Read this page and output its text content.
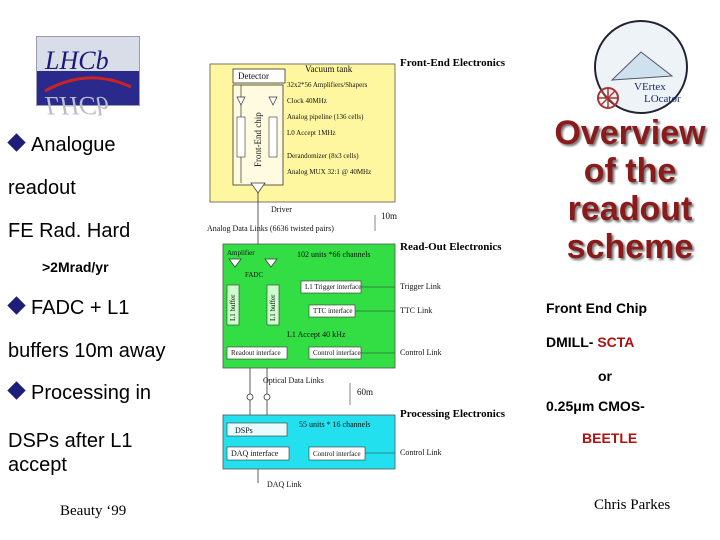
LHCb
LHCb
VErtex
LOcator
Analogue
readout
FE Rad. Hard
>2Mrad/yr
FADC + L1
buffers 10m away
Processing in
DSPs after L1
accept
Beauty ‘99	Chris Parkes
Overview
of the
readout
scheme
Front End Chip
DMILL- SCTA
or
0.25μm CMOS-
BEETLE
Front-End Electronics
Read-Out Electronics
Processing Electronics
Vacuum tank
Detector
Front-End chip
32x2*56 Amplifiers/Shapers
Clock 40MHz
Analog pipeline (136 cells)
L0 Accept 1MHz
Derandomizer (8x3 cells)
Analog MUX 32:1 @ 40MHz
Driver
Analog Data Links (6636 twisted pairs)
10m
Amplifier	102 units *66 channels
FADC
L1 buffer	L1 buffer
L1 Trigger interface
TTC interface
L1 Accept 40 kHz
Readout interface	Control interface
Trigger Link
TTC Link
Control Link
Optical Data Links
60m
DSPs
55 units * 16 channels
DAQ interface	Control interface	Control Link
DAQ Link
